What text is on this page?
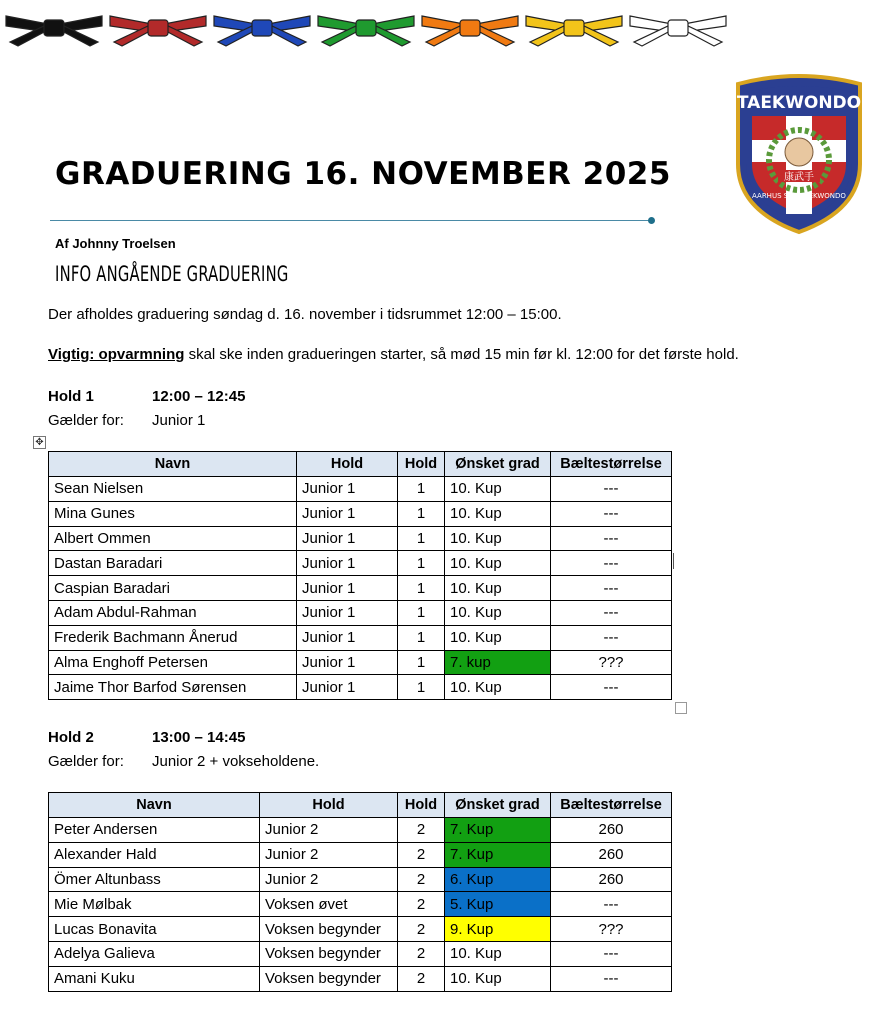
TAEKWONDO
康武手
AARHUS SYD TAEKWONDO
GRADUERING 16. NOVEMBER 2025
Af Johnny Troelsen
INFO ANGÅENDE GRADUERING
Der afholdes graduering søndag d. 16. november i tidsrummet 12:00 – 15:00.
Vigtig: opvarmning skal ske inden gradueringen starter, så mød 15 min før kl. 12:00 for det første hold.
Hold 1	12:00 – 12:45
Gælder for: Junior 1
✥
Navn	Hold	Hold	Ønsket grad	Bæltestørrelse
Sean Nielsen	Junior 1	1	10. Kup	---
Mina Gunes	Junior 1	1	10. Kup	---
Albert Ommen	Junior 1	1	10. Kup	---
Dastan Baradari	Junior 1	1	10. Kup	---
Caspian Baradari	Junior 1	1	10. Kup	---
Adam Abdul-Rahman	Junior 1	1	10. Kup	---
Frederik Bachmann Ånerud	Junior 1	1	10. Kup	---
Alma Enghoff Petersen	Junior 1	1	7. kup	???
Jaime Thor Barfod Sørensen	Junior 1	1	10. Kup	---
Hold 2	13:00 – 14:45
Gælder for: Junior 2 + vokseholdene.
Navn	Hold	Hold	Ønsket grad	Bæltestørrelse
Peter Andersen	Junior 2	2	7. Kup	260
Alexander Hald	Junior 2	2	7. Kup	260
Ömer Altunbass	Junior 2	2	6. Kup	260
Mie Mølbak	Voksen øvet	2	5. Kup	---
Lucas Bonavita	Voksen begynder	2	9. Kup	???
Adelya Galieva	Voksen begynder	2	10. Kup	---
Amani Kuku	Voksen begynder	2	10. Kup	---
